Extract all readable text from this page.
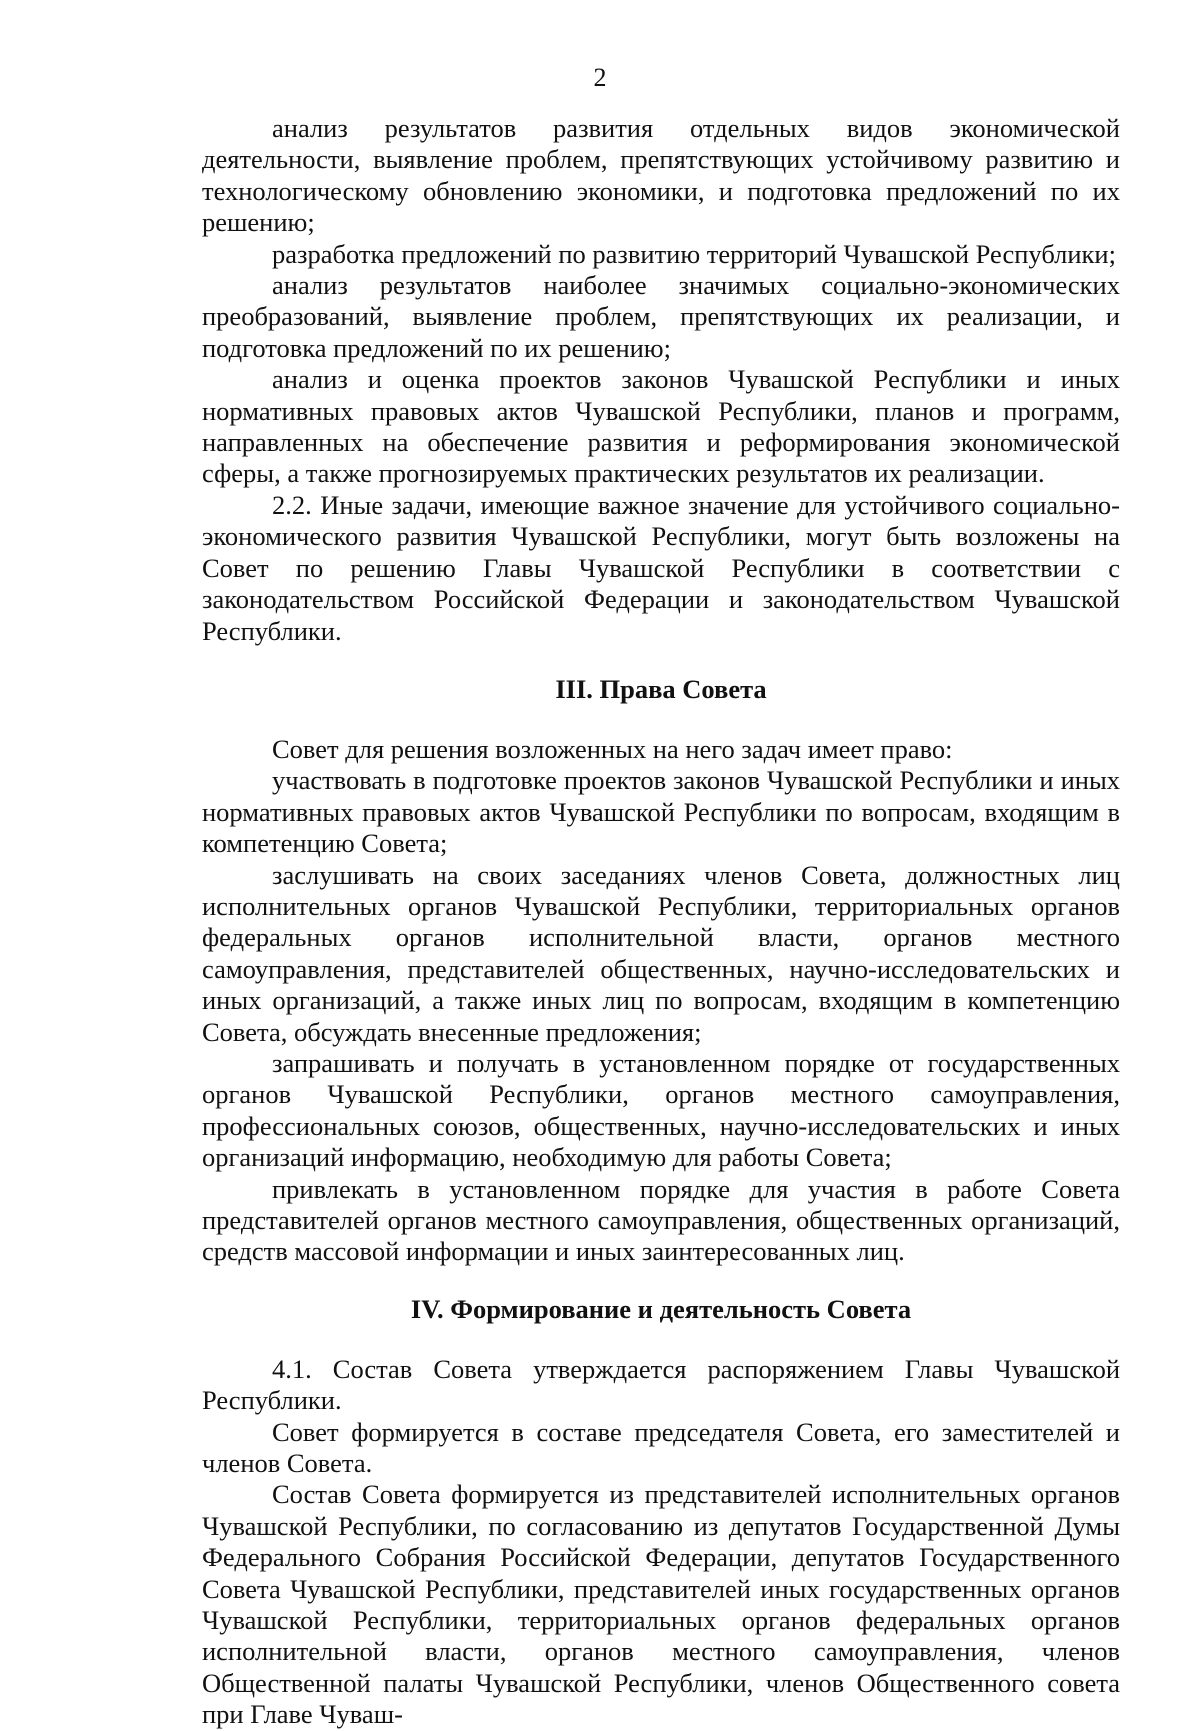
2

анализ результатов развития отдельных видов экономической деятельности, выявление проблем, препятствующих устойчивому развитию и технологическому обновлению экономики, и подготовка предложений по их решению;

разработка предложений по развитию территорий Чувашской Республики;

анализ результатов наиболее значимых социально-экономических преобразований, выявление проблем, препятствующих их реализации, и подготовка предложений по их решению;

анализ и оценка проектов законов Чувашской Республики и иных нормативных правовых актов Чувашской Республики, планов и программ, направленных на обеспечение развития и реформирования экономической сферы, а также прогнозируемых практических результатов их реализации.

2.2. Иные задачи, имеющие важное значение для устойчивого социально-экономического развития Чувашской Республики, могут быть возложены на Совет по решению Главы Чувашской Республики в соответствии с законодательством Российской Федерации и законодательством Чувашской Республики.

III. Права Совета

Совет для решения возложенных на него задач имеет право:

участвовать в подготовке проектов законов Чувашской Республики и иных нормативных правовых актов Чувашской Республики по вопросам, входящим в компетенцию Совета;

заслушивать на своих заседаниях членов Совета, должностных лиц исполнительных органов Чувашской Республики, территориальных органов федеральных органов исполнительной власти, органов местного самоуправления, представителей общественных, научно-исследовательских и иных организаций, а также иных лиц по вопросам, входящим в компетенцию Совета, обсуждать внесенные предложения;

запрашивать и получать в установленном порядке от государственных органов Чувашской Республики, органов местного самоуправления, профессиональных союзов, общественных, научно-исследовательских и иных организаций информацию, необходимую для работы Совета;

привлекать в установленном порядке для участия в работе Совета представителей органов местного самоуправления, общественных организаций, средств массовой информации и иных заинтересованных лиц.

IV. Формирование и деятельность Совета

4.1. Состав Совета утверждается распоряжением Главы Чувашской Республики.

Совет формируется в составе председателя Совета, его заместителей и членов Совета.

Состав Совета формируется из представителей исполнительных органов Чувашской Республики, по согласованию из депутатов Государственной Думы Федерального Собрания Российской Федерации, депутатов Государственного Совета Чувашской Республики, представителей иных государственных органов Чувашской Республики, территориальных органов федеральных органов исполнительной власти, органов местного самоуправления, членов Общественной палаты Чувашской Республики, членов Общественного совета при Главе Чуваш-
